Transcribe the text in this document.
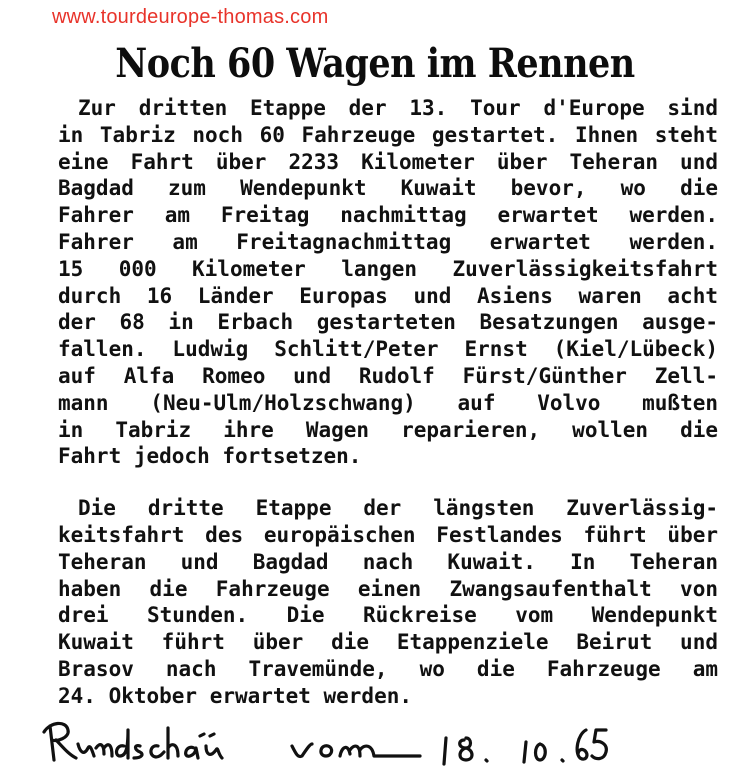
www.tourdeurope-thomas.com
Noch 60 Wagen im Rennen
Zur dritten Etappe der 13. Tour d'Europe sind
in Tabriz noch 60 Fahrzeuge gestartet. Ihnen steht
eine Fahrt über 2233 Kilometer über Teheran und
Bagdad zum Wendepunkt Kuwait bevor, wo die
Fahrer am Freitag nachmittag erwartet werden.
Fahrer am Freitagnachmittag erwartet werden.
15 000 Kilometer langen Zuverlässigkeitsfahrt
durch 16 Länder Europas und Asiens waren acht
der 68 in Erbach gestarteten Besatzungen ausge-
fallen. Ludwig Schlitt/Peter Ernst (Kiel/Lübeck)
auf Alfa Romeo und Rudolf Fürst/Günther Zell-
mann (Neu-Ulm/Holzschwang) auf Volvo mußten
in Tabriz ihre Wagen reparieren, wollen die
Fahrt jedoch fortsetzen.
Die dritte Etappe der längsten Zuverlässig-
keitsfahrt des europäischen Festlandes führt über
Teheran und Bagdad nach Kuwait. In Teheran
haben die Fahrzeuge einen Zwangsaufenthalt von
drei Stunden. Die Rückreise vom Wendepunkt
Kuwait führt über die Etappenziele Beirut und
Brasov nach Travemünde, wo die Fahrzeuge am
24. Oktober erwartet werden.
